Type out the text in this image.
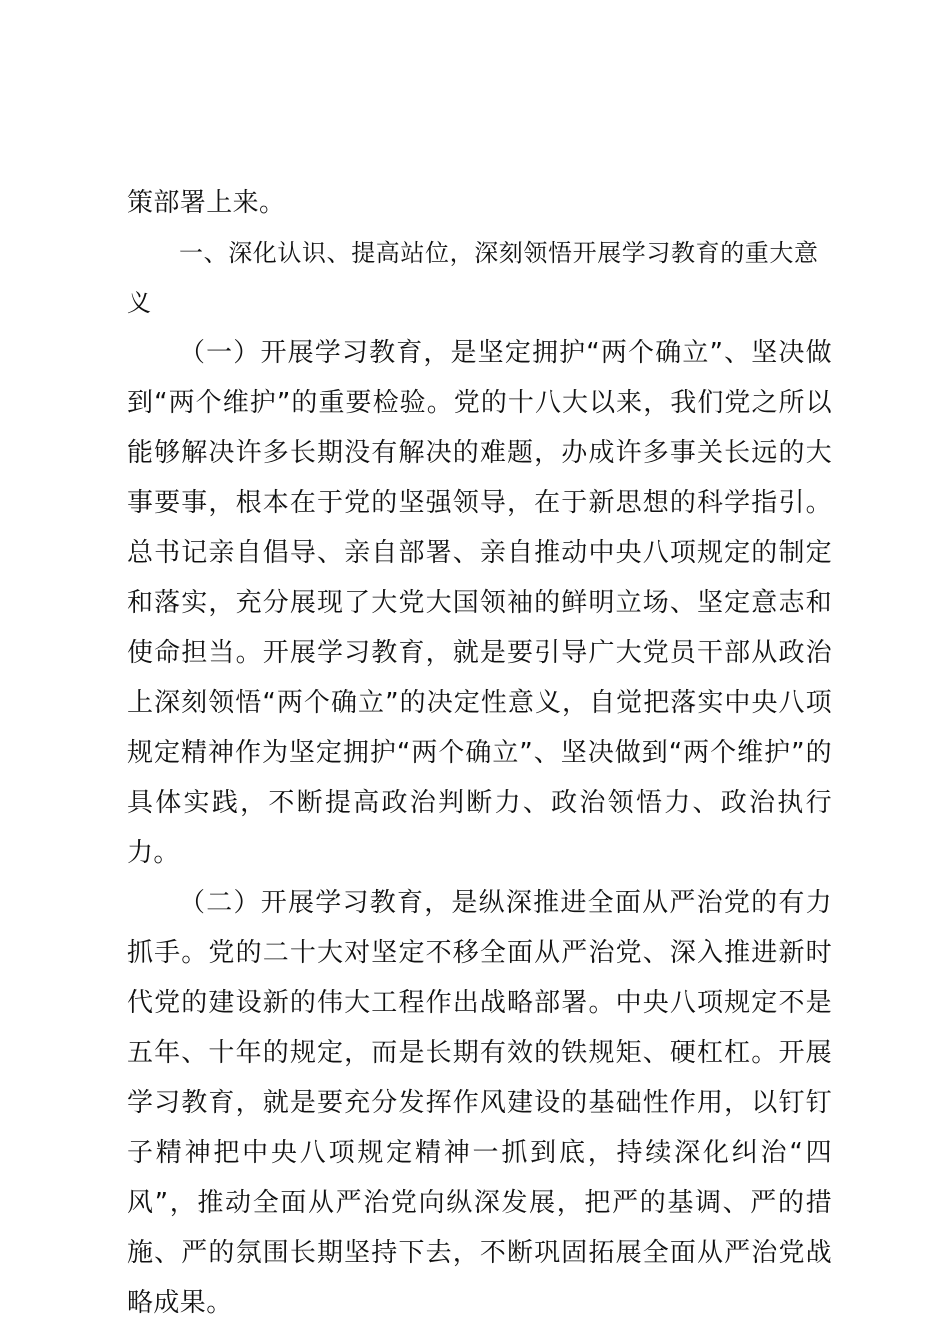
策部署上来。

一、深化认识、提高站位，深刻领悟开展学习教育的重大意义

（一）开展学习教育，是坚定拥护“两个确立”、坚决做到“两个维护”的重要检验。党的十八大以来，我们党之所以能够解决许多长期没有解决的难题，办成许多事关长远的大事要事，根本在于党的坚强领导，在于新思想的科学指引。总书记亲自倡导、亲自部署、亲自推动中央八项规定的制定和落实，充分展现了大党大国领袖的鲜明立场、坚定意志和使命担当。开展学习教育，就是要引导广大党员干部从政治上深刻领悟“两个确立”的决定性意义，自觉把落实中央八项规定精神作为坚定拥护“两个确立”、坚决做到“两个维护”的具体实践，不断提高政治判断力、政治领悟力、政治执行力。

（二）开展学习教育，是纵深推进全面从严治党的有力抓手。党的二十大对坚定不移全面从严治党、深入推进新时代党的建设新的伟大工程作出战略部署。中央八项规定不是五年、十年的规定，而是长期有效的铁规矩、硬杠杠。开展学习教育，就是要充分发挥作风建设的基础性作用，以钉钉子精神把中央八项规定精神一抓到底，持续深化纠治“四风”，推动全面从严治党向纵深发展，把严的基调、严的措施、严的氛围长期坚持下去，不断巩固拓展全面从严治党战略成果。
